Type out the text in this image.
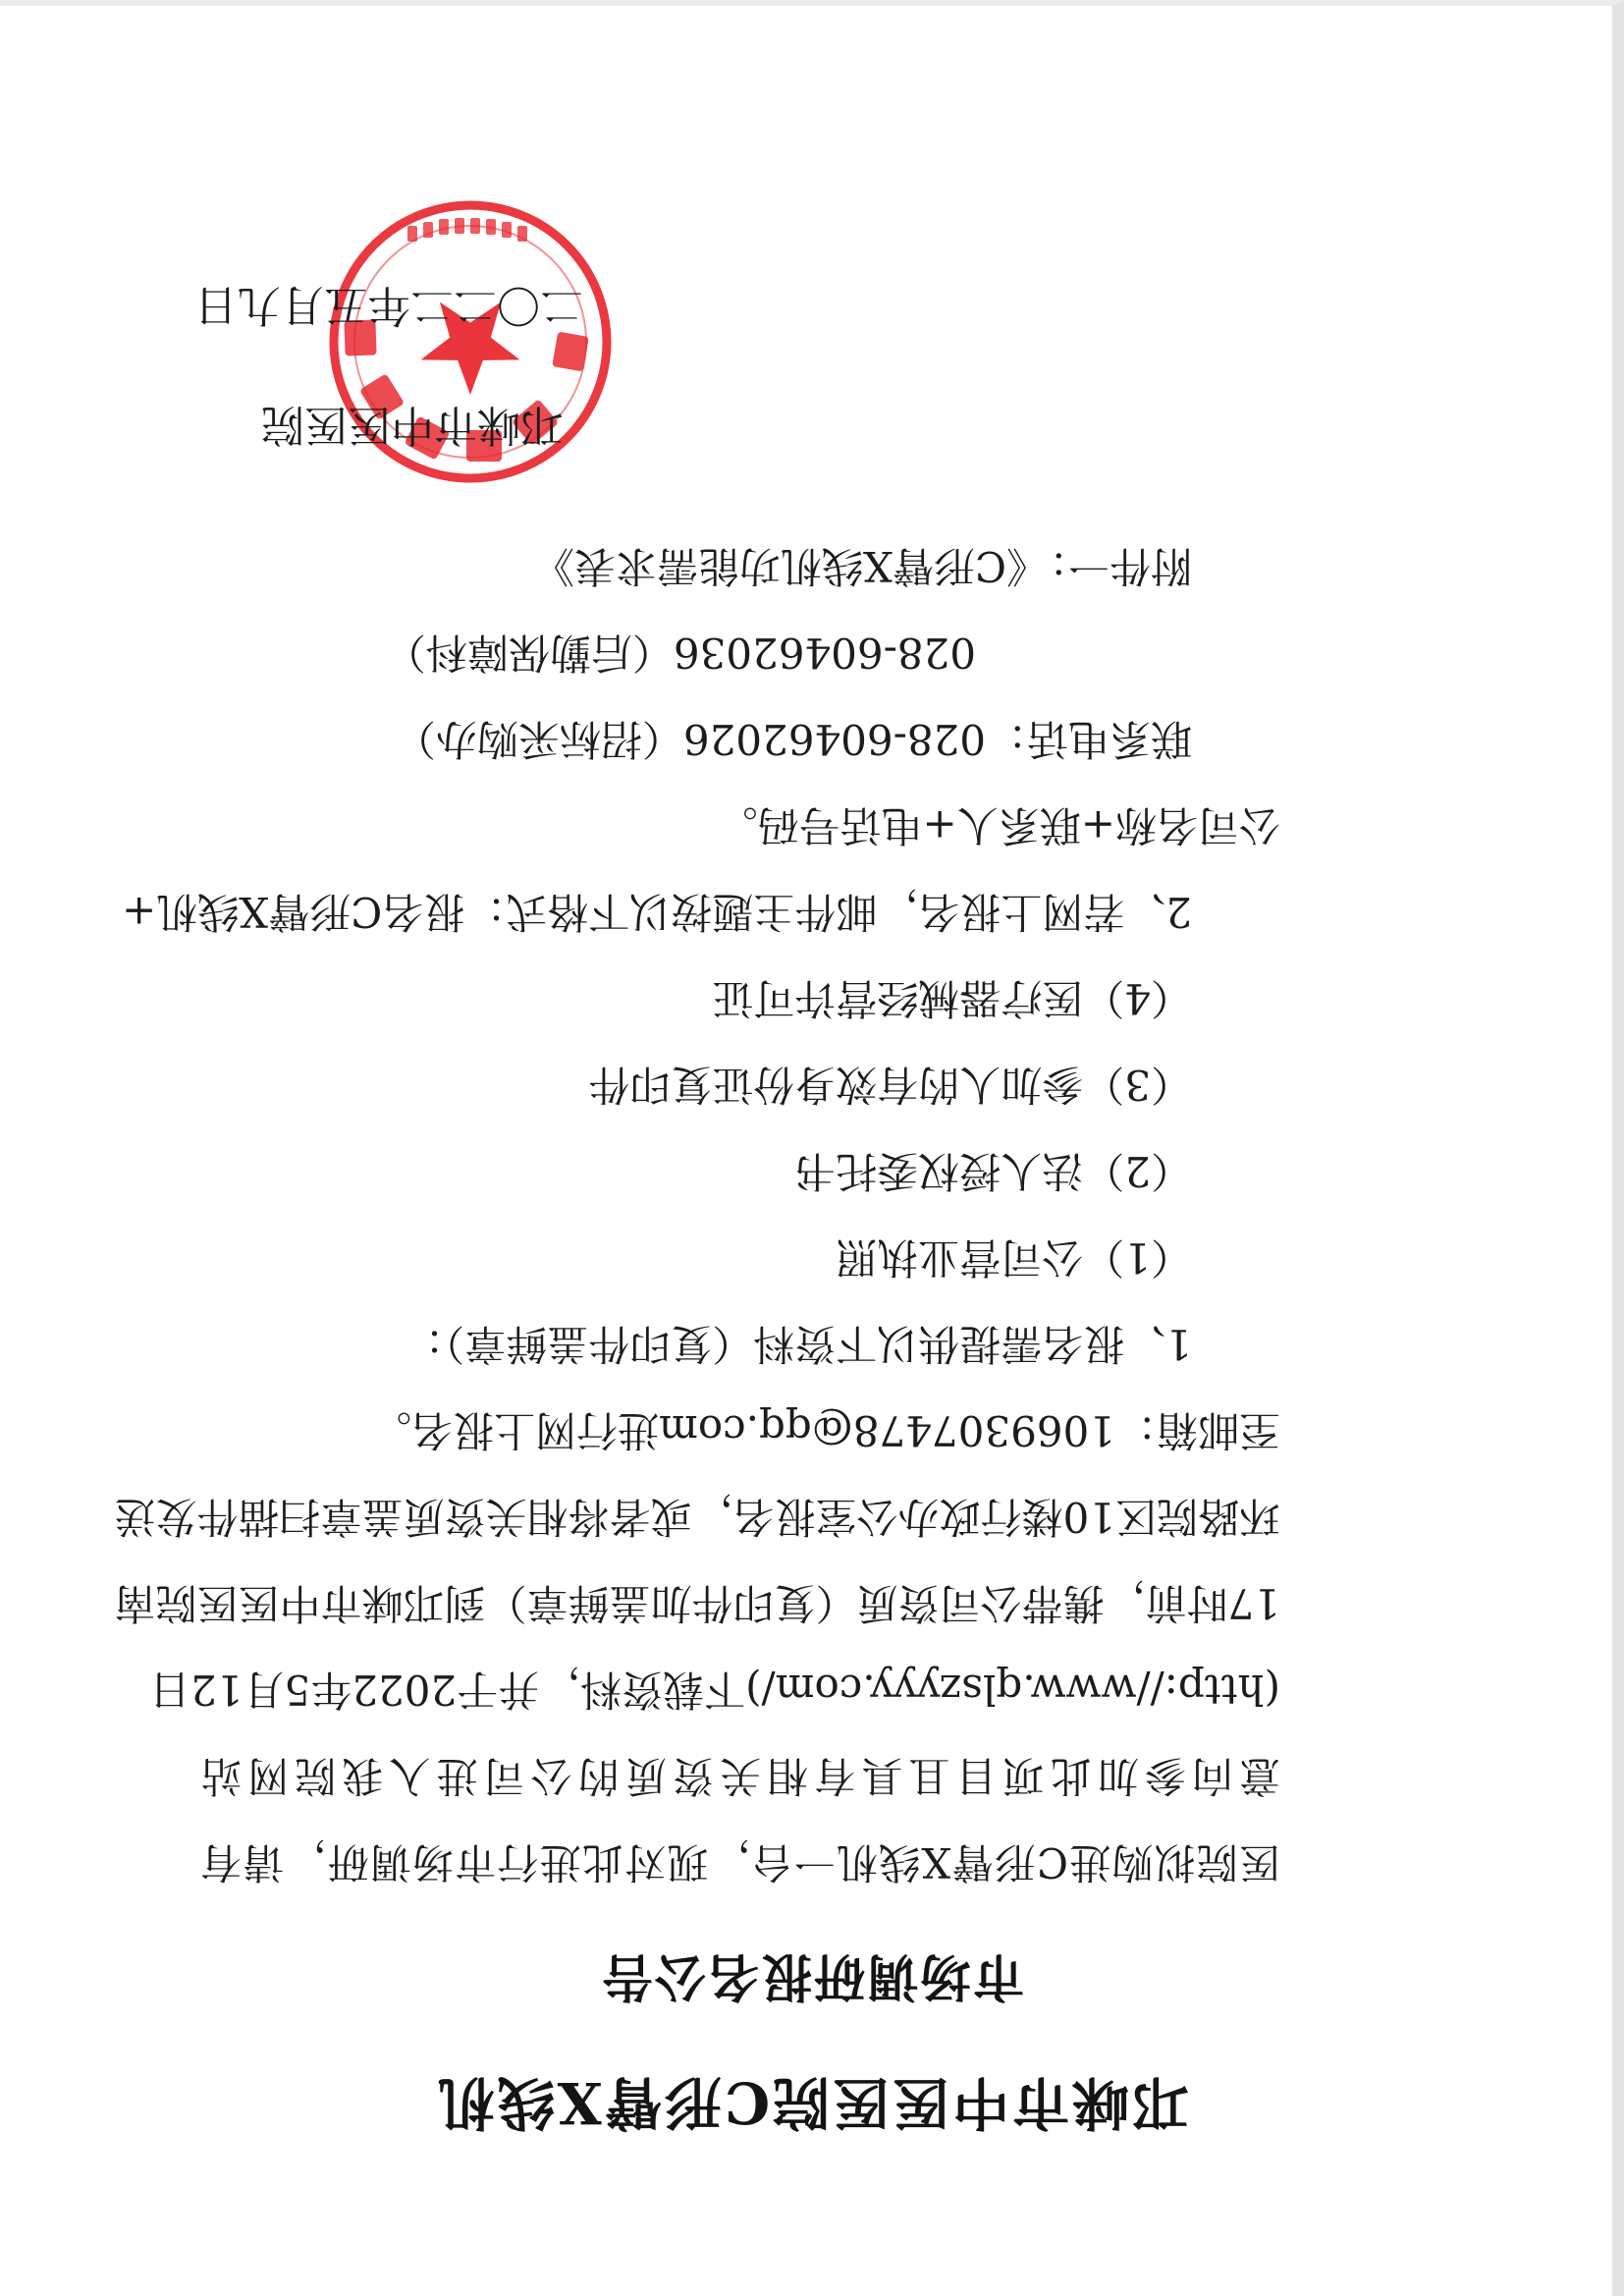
邛崃市中医医院C形臂X线机
市场调研报名公告
医院拟购进C形臂X线机一台，现对此进行市场调研，请有
意向参加此项目且具有相关资质的公司进入我院网站
(http://www.qlszyyy.com/)下载资料，并于2022年5月12日
17时前，携带公司资质（复印件加盖鲜章）到邛崃市中医医院南
环路院区10楼行政办公室报名，或者将相关资质盖章扫描件发送
至邮箱：1069307478@qq.com进行网上报名。
1、报名需提供以下资料（复印件盖鲜章）：
（1）公司营业执照
（2）法人授权委托书
（3）参加人的有效身份证复印件
（4）医疗器械经营许可证
2、若网上报名，邮件主题按以下格式：报名C形臂X线机+
公司名称+联系人+电话号码。
联系电话：028-60462026（招标采购办）
028-60462036（后勤保障科）
附件一：《C形臂X线机功能需求表》
邛崃市中医医院
二〇二二年五月九日
